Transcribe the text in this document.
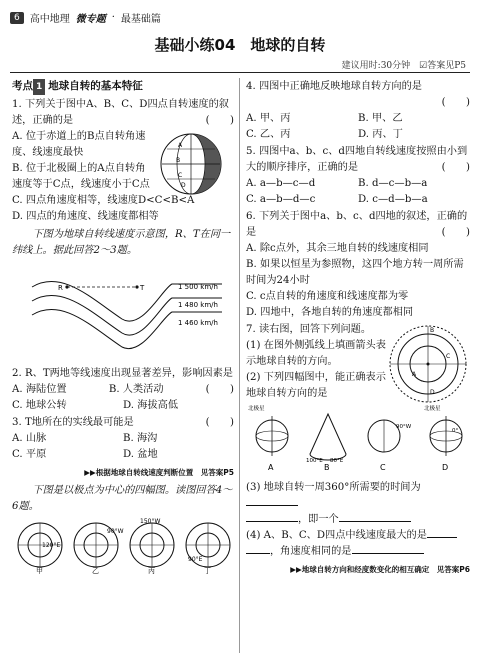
6	高中地理 微专题 · 最基础篇
基础小练04　地球的自转
建议用时:30分钟　☑答案见P5

考点 1 地球自转的基本特征

1. 下列关于图中A、B、C、D四点自转速度的叙述，正确的是	(　　)

A
B
C
D

A. 位于赤道上的B点自转角速度、线速度最快

B. 位于北极圈上的A点自转角速度等于C点，线速度小于C点

C. 四点角速度相等，线速度D<C<B<A

D. 四点的角速度、线速度都相等

下图为地球自转线速度示意图，R、T在同一纬线上。据此回答2～3题。

R	T	1 500 km/h
1 480 km/h
1 460 km/h

2. R、T两地等线速度出现显著差异，影响因素是
(　　)

A. 海陆位置	B. 人类活动
C. 地球公转	D. 海拔高低

3. T地所在的实线最可能是	(　　)

A. 山脉	B. 海沟
C. 平原	D. 盆地

▶▶根据地球自转线速度判断位置　见答案P5

下图是以极点为中心的四幅图。读图回答4～6题。

120°E
甲
90°W
乙
150°W
丙
90°E
丁

4. 四图中正确地反映地球自转方向的是

(　　)

A. 甲、丙	B. 甲、乙
C. 乙、丙	D. 丙、丁

5. 四图中a、b、c、d四地自转线速度按照由小到大的顺序排序，正确的是	(　　)

A. a—b—c—d	B. d—c—b—a
C. a—b—d—c	D. c—d—b—a

6. 下列关于图中a、b、c、d四地的叙述，正确的是	(　　)

A. 除c点外，其余三地自转的线速度相同

B. 如果以恒星为参照物，这四个地方转一周所需时间为24小时

C. c点自转的角速度和线速度都为零

D. 四地中，各地自转的角速度都相同

B
C
A
D

7. 读右图，回答下列问题。

(1) 在图外侧弧线上填画箭头表示地球自转的方向。

(2) 下列四幅图中，能正确表示地球自转方向的是

北极星
A
100°E 80°E
B
90°W
C
北极星
0°
D

(3) 地球自转一周360°所需要的时间为

，即一个

(4) A、B、C、D四点中线速度最大的是

，角速度相同的是

▶▶地球自转方向和经度数变化的相互确定　见答案P6
